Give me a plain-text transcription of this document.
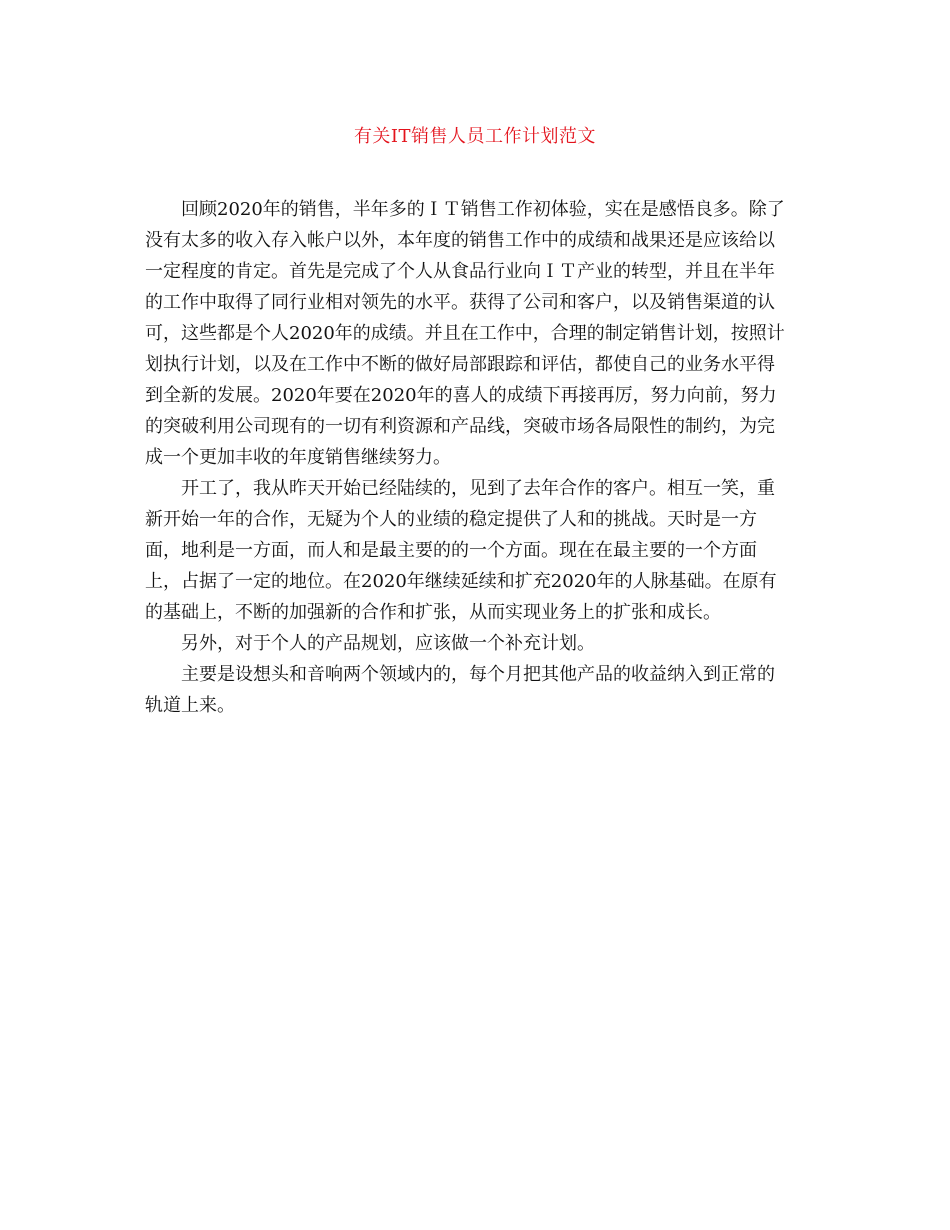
有关IT销售人员工作计划范文
回顾2020年的销售，半年多的ＩＴ销售工作初体验，实在是感悟良多。除了
没有太多的收入存入帐户以外，本年度的销售工作中的成绩和战果还是应该给以
一定程度的肯定。首先是完成了个人从食品行业向ＩＴ产业的转型，并且在半年
的工作中取得了同行业相对领先的水平。获得了公司和客户，以及销售渠道的认
可，这些都是个人2020年的成绩。并且在工作中，合理的制定销售计划，按照计
划执行计划，以及在工作中不断的做好局部跟踪和评估，都使自己的业务水平得
到全新的发展。2020年要在2020年的喜人的成绩下再接再厉，努力向前，努力
的突破利用公司现有的一切有利资源和产品线，突破市场各局限性的制约，为完
成一个更加丰收的年度销售继续努力。
开工了，我从昨天开始已经陆续的，见到了去年合作的客户。相互一笑，重
新开始一年的合作，无疑为个人的业绩的稳定提供了人和的挑战。天时是一方
面，地利是一方面，而人和是最主要的的一个方面。现在在最主要的一个方面
上，占据了一定的地位。在2020年继续延续和扩充2020年的人脉基础。在原有
的基础上，不断的加强新的合作和扩张，从而实现业务上的扩张和成长。
另外，对于个人的产品规划，应该做一个补充计划。
主要是设想头和音响两个领域内的，每个月把其他产品的收益纳入到正常的
轨道上来。
